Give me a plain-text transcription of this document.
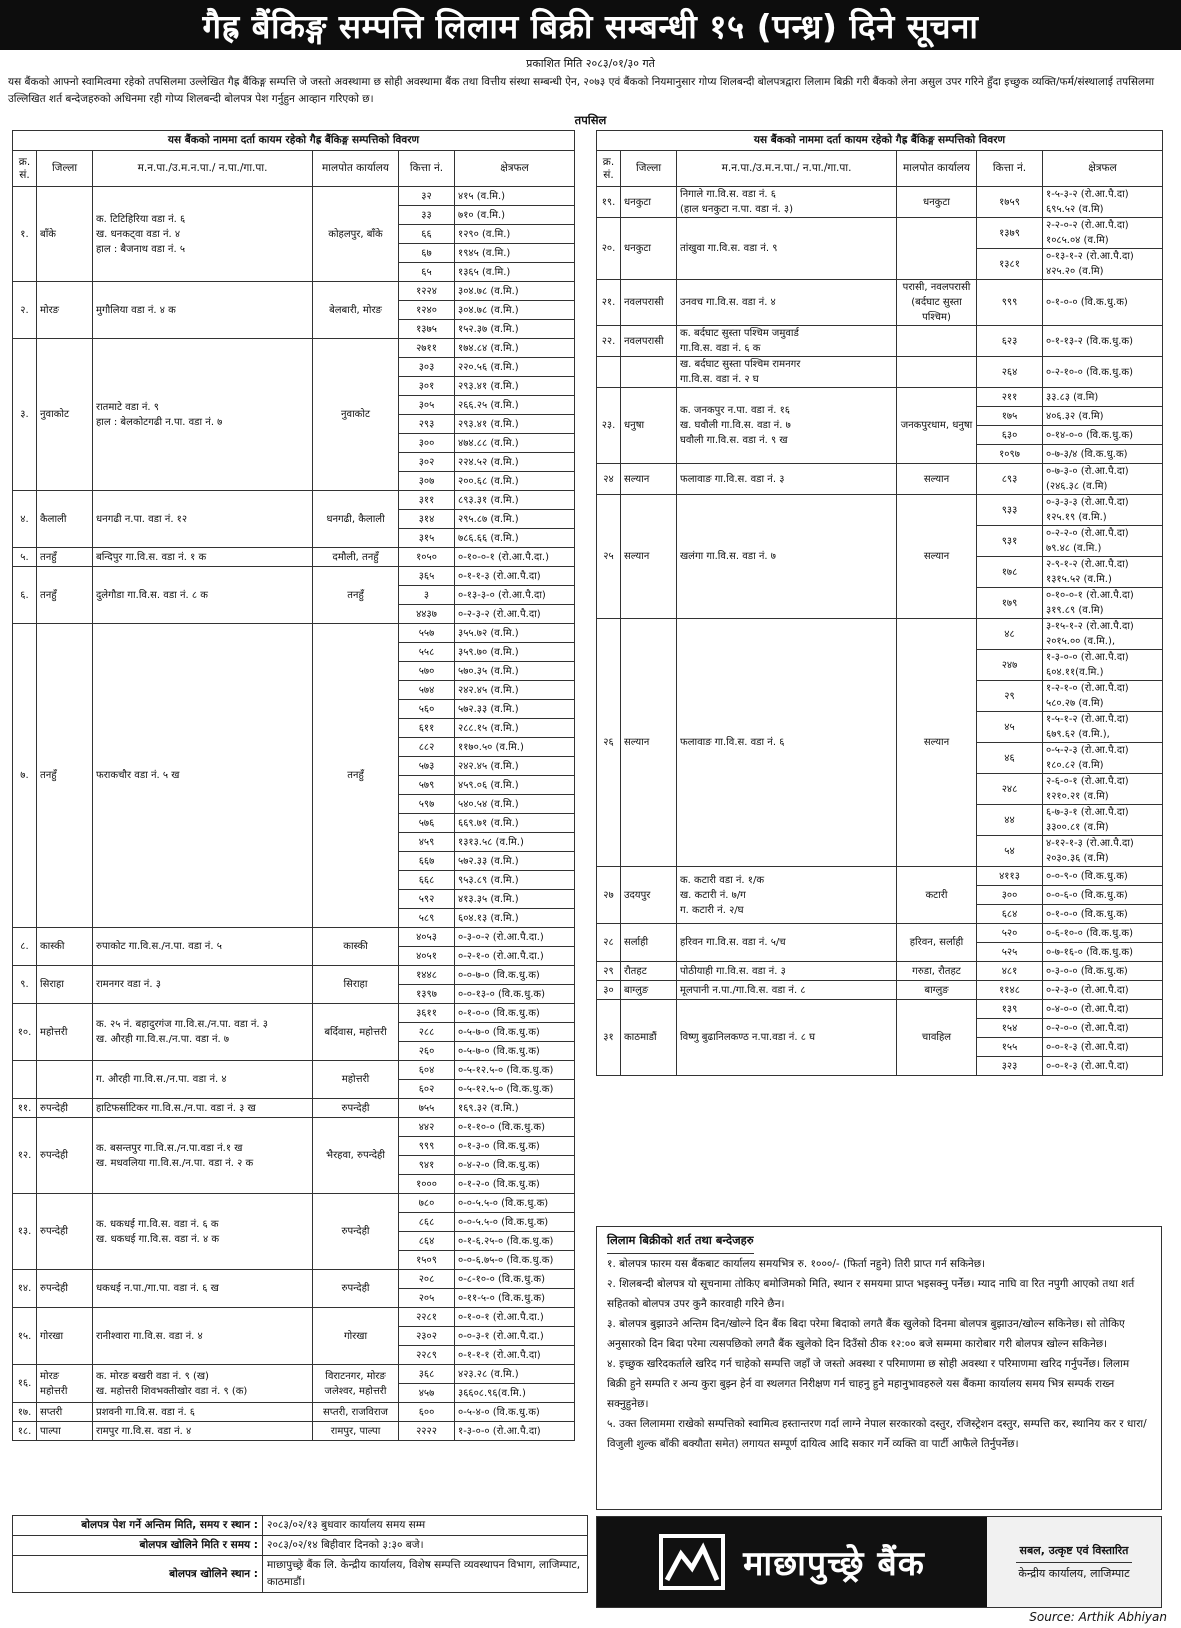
गैह्र बैंकिङ्ग सम्पत्ति लिलाम बिक्री सम्बन्धी १५ (पन्ध्र) दिने सूचना
प्रकाशित मिति २०८३/०१/३० गते
यस बैंकको आफ्नो स्वामित्वमा रहेको तपसिलमा उल्लेखित गैह्र बैंकिङ्ग सम्पत्ति जे जस्तो अवस्थामा छ सोही अवस्थामा बैंक तथा वित्तीय संस्था सम्बन्धी ऐन, २०७३ एवं बैंकको नियमानुसार गोप्य शिलबन्दी बोलपत्रद्वारा लिलाम बिक्री गरी बैंकको लेना असुल उपर गरिने हुँदा इच्छुक व्यक्ति/फर्म/संस्थालाई तपसिलमा उल्लिखित शर्त बन्देजहरुको अधिनमा रही गोप्य शिलबन्दी बोलपत्र पेश गर्नुहुन आव्हान गरिएको छ।
तपसिल
यस बैंकको नाममा दर्ता कायम रहेको गैह्र बैंकिङ्ग सम्पत्तिको विवरण					
क्र. सं.	जिल्ला	म.न.पा./उ.म.न.पा./ न.पा./गा.पा.	मालपोत कार्यालय	कित्ता नं.	क्षेत्रफल
१.	बाँके	क. टिटिहिरिया वडा नं. ६
ख. धनकट्वा वडा नं. ४
हाल : बैजनाथ वडा नं. ५	कोहलपुर, बाँके	३२	४१५ (व.मि.)
				३३	७१० (व.मि.)
				६६	१२९० (व.मि.)
				६७	१९४५ (व.मि.)
				६५	१३६५ (व.मि.)
२.	मोरङ	मुगौलिया वडा नं. ४ क	बेलबारी, मोरङ	१२२४	३०४.७८ (व.मि.)
				१२४०	३०४.७८ (व.मि.)
				१३७५	१५२.३७ (व.मि.)
३.	नुवाकोट	रातमाटे वडा नं. ९
हाल : बेलकोटगढी न.पा. वडा नं. ७	नुवाकोट	२७११	१७४.८४ (व.मि.)
				३०३	२२०.५६ (व.मि.)
				३०१	२९३.४१ (व.मि.)
				३०५	२६६.२५ (व.मि.)
				२९३	२९३.४१ (व.मि.)
				३००	४७४.८८ (व.मि.)
				३०२	२२४.५२ (व.मि.)
				३०७	२००.६८ (व.मि.)
४.	कैलाली	धनगढी न.पा. वडा नं. १२	धनगढी, कैलाली	३११	८९३.३१ (व.मि.)
				३१४	२९५.८७ (व.मि.)
				३१५	७८६.६६ (व.मि.)
५.	तनहुँ	बन्दिपुर गा.वि.स. वडा नं. १ क	दमौली, तनहुँ	१०५०	०-१०-०-१ (रो.आ.पै.दा.)
६.	तनहुँ	दुलेगौडा गा.वि.स. वडा नं. ८ क	तनहुँ	३६५	०-१-१-३ (रो.आ.पै.दा)
				३	०-१३-३-० (रो.आ.पै.दा)
				४४३७	०-२-३-२ (रो.आ.पै.दा)
७.	तनहुँ	फराकचौर वडा नं. ५ ख	तनहुँ	५५७	३५५.७२ (व.मि.)
				५५८	३५९.७० (व.मि.)
				५७०	५७०.३५ (व.मि.)
				५७४	२४२.४५ (व.मि.)
				५६०	५७२.३३ (व.मि.)
				६११	२८८.१५ (व.मि.)
				८८२	११७०.५० (व.मि.)
				५७३	२४२.४५ (व.मि.)
				५७९	४५९.०६ (व.मि.)
				५९७	५४०.५४ (व.मि.)
				५७६	६६९.७१ (व.मि.)
				४५९	१३१३.५८ (व.मि.)
				६६७	५७२.३३ (व.मि.)
				६६८	९५३.८९ (व.मि.)
				५९२	४१३.३५ (व.मि.)
				५८९	६०४.१३ (व.मि.)
८.	कास्की	रुपाकोट गा.वि.स./न.पा. वडा नं. ५	कास्की	४०५३	०-३-०-२ (रो.आ.पै.दा.)
				४०५१	०-२-१-० (रो.आ.पै.दा.)
९.	सिराहा	रामनगर वडा नं. ३	सिराहा	१४४८	०-०-७-० (वि.क.धु.क)
				१३९७	०-०-१३-० (वि.क.धु.क)
१०.	महोत्तरी	क. २५ नं. बहादुरगंज गा.वि.स./न.पा. वडा नं. ३
ख. औरही गा.वि.स./न.पा. वडा नं. ७	बर्दिवास, महोत्तरी	३६११	०-१-०-० (वि.क.धु.क)
				२८८	०-५-७-० (वि.क.धु.क)
				२६०	०-५-७-० (वि.क.धु.क)
		ग. औरही गा.वि.स./न.पा. वडा नं. ४	महोत्तरी	६०४	०-५-१२.५-० (वि.क.धु.क)
				६०२	०-५-१२.५-० (वि.क.धु.क)
११.	रुपन्देही	हाटिफर्साटिकर गा.वि.स./न.पा. वडा नं. ३ ख	रुपन्देही	७५५	१६९.३२ (व.मि.)
१२.	रुपन्देही	क. बसन्तपुर गा.वि.स./न.पा.वडा नं.१ ख
ख. मधवलिया गा.वि.स./न.पा. वडा नं. २ क	भैरहवा, रुपन्देही	४४२	०-१-१०-० (वि.क.धु.क)
				९९९	०-१-३-० (वि.क.धु.क)
				९४१	०-४-२-० (वि.क.धु.क)
				१०००	०-१-२-० (वि.क.धु.क)
१३.	रुपन्देही	क. धकधई गा.वि.स. वडा नं. ६ क
ख. धकधई गा.वि.स. वडा नं. ४ क	रुपन्देही	७८०	०-०-५.५-० (वि.क.धु.क)
				८६८	०-०-५.५-० (वि.क.धु.क)
				८६४	०-१-६.२५-० (वि.क.धु.क)
				१५०९	०-०-६.७५-० (वि.क.धु.क)
१४.	रुपन्देही	धकधई न.पा./गा.पा. वडा नं. ६ ख	रुपन्देही	२०८	०-८-१०-० (वि.क.धु.क)
				२०५	०-११-५-० (वि.क.धु.क)
१५.	गोरखा	रानीश्वारा गा.वि.स. वडा नं. ४	गोरखा	२२८१	०-१-०-१ (रो.आ.पै.दा.)
				२३०२	०-०-३-१ (रो.आ.पै.दा.)
				२२८९	०-१-१-१ (रो.आ.पै.दा)
१६.	मोरङ
महोत्तरी	क. मोरङ बखरी वडा नं. ९ (ख)
ख. महोत्तरी शिवभक्तीखोर वडा नं. ९ (क)	विराटनगर, मोरङ
जलेश्वर, महोत्तरी	३६८	४२३.२८ (व.मि.)
				४५७	३६६०८.९६(व.मि.)
१७.	सप्तरी	प्रशवनी गा.वि.स. वडा नं. ६	सप्तरी, राजविराज	६००	०-५-४-० (वि.क.धु.क)
१८.	पाल्पा	रामपुर गा.वि.स. वडा नं. ४	रामपुर, पाल्पा	२२२२	१-३-०-० (रो.आ.पै.दा)
यस बैंकको नाममा दर्ता कायम रहेको गैह्र बैंकिङ्ग सम्पत्तिको विवरण					
क्र. सं.	जिल्ला	म.न.पा./उ.म.न.पा./ न.पा./गा.पा.	मालपोत कार्यालय	कित्ता नं.	क्षेत्रफल
१९.	धनकुटा	निगाले गा.वि.स. वडा नं. ६
(हाल धनकुटा न.पा. वडा नं. ३)	धनकुटा	१७५९	१-५-३-२ (रो.आ.पै.दा)
६९५.५२ (व.मि)
२०.	धनकुटा	तांखुवा गा.वि.स. वडा नं. ९		१३७९	२-२-०-२ (रो.आ.पै.दा)
१०८५.०४ (व.मि)
				१३८१	०-१३-१-२ (रो.आ.पै.दा)
४२५.२० (व.मि)
२१.	नवलपरासी	उनवच गा.वि.स. वडा नं. ४	परासी, नवलपरासी (बर्दघाट सुस्ता पश्चिम)	९९९	०-१-०-० (वि.क.धु.क)
२२.	नवलपरासी	क. बर्दघाट सुस्ता पश्चिम जमुवार्ड
गा.वि.स. वडा नं. ६ क		६२३	०-१-१३-२ (वि.क.धु.क)
		ख. बर्दघाट सुस्ता पश्चिम रामनगर
गा.वि.स. वडा नं. २ घ		२६४	०-२-१०-० (वि.क.धु.क)
२३.	धनुषा	क. जनकपुर न.पा. वडा नं. १६
ख. घवौली गा.वि.स. वडा नं. ७
घवौली गा.वि.स. वडा नं. ९ ख	जनकपुरधाम, धनुषा	२११	३३.८३ (व.मि)
				१७५	४०६.३२ (व.मि)
				६३०	०-१४-०-० (वि.क.धु.क)
				१०९७	०-७-३/४ (वि.क.धु.क)
२४	सल्यान	फलावाङ गा.वि.स. वडा नं. ३	सल्यान	८९३	०-७-३-० (रो.आ.पै.दा)
(२४६.३८ (व.मि)
२५	सल्यान	खलंगा गा.वि.स. वडा नं. ७	सल्यान	९३३	०-३-३-३ (रो.आ.पै.दा)
१२५.१९ (व.मि.)
				९३१	०-२-२-० (रो.आ.पै.दा)
७९.४८ (व.मि.)
				१७८	२-९-१-२ (रो.आ.पै.दा)
१३१५.५२ (व.मि.)
				१७९	०-१०-०-१ (रो.आ.पै.दा)
३१९.८९ (व.मि)
२६	सल्यान	फलावाङ गा.वि.स. वडा नं. ६	सल्यान	४८	३-१५-१-२ (रो.आ.पै.दा)
२०१५.०० (व.मि.),
				२४७	१-३-०-० (रो.आ.पै.दा)
६०४.११(व.मि.)
				२९	१-२-१-० (रो.आ.पै.दा)
५८०.२७ (व.मि)
				४५	१-५-१-२ (रो.आ.पै.दा)
६७९.६२ (व.मि.),
				४६	०-५-२-३ (रो.आ.पै.दा)
१८०.८२ (व.मि)
				२४८	२-६-०-१ (रो.आ.पै.दा)
१२१०.२१ (व.मि)
				४४	६-७-३-१ (रो.आ.पै.दा)
३३००.८१ (व.मि)
				५४	४-१२-१-३ (रो.आ.पै.दा)
२०३०.३६ (व.मि)
२७	उदयपुर	क. कटारी वडा नं. १/क
ख. कटारी नं. ७/ग
ग. कटारी नं. २/घ	कटारी	४११३	०-०-९-० (वि.क.धु.क)
				३००	०-०-६-० (वि.क.धु.क)
				६८४	०-१-०-० (वि.क.धु.क)
२८	सर्लाही	हरिवन गा.वि.स. वडा नं. ५/च	हरिवन, सर्लाही	५२०	०-६-१०-० (वि.क.धु.क)
				५२५	०-७-१६-० (वि.क.धु.क)
२९	रौतहट	पोठीयाही गा.वि.स. वडा नं. ३	गरुडा, रौतहट	४८१	०-३-०-० (वि.क.धु.क)
३०	बाग्लुङ	मूलपानी न.पा./गा.वि.स. वडा नं. ८	बाग्लुङ	११४८	०-२-३-० (रो.आ.पै.दा)
३१	काठमाडौं	विष्णु बुढानिलकण्ठ न.पा.वडा नं. ८ घ	चावहिल	१३९	०-४-०-० (रो.आ.पै.दा)
				१५४	०-२-०-० (रो.आ.पै.दा)
				१५५	०-०-१-३ (रो.आ.पै.दा)
				३२३	०-०-१-३ (रो.आ.पै.दा)
लिलाम बिक्रीको शर्त तथा बन्देजहरु

१. बोलपत्र फारम यस बैंकबाट कार्यालय समयभित्र रु. १०००/- (फिर्ता नहुने) तिरी प्राप्त गर्न सकिनेछ।

२. शिलबन्दी बोलपत्र यो सूचनामा तोकिए बमोजिमको मिति, स्थान र समयमा प्राप्त भइसक्नु पर्नेछ। म्याद नाघि वा रित नपुगी आएको तथा शर्त सहितको बोलपत्र उपर कुनै कारवाही गरिने छैन।

३. बोलपत्र बुझाउने अन्तिम दिन/खोल्ने दिन बैंक बिदा परेमा बिदाको लगतै बैंक खुलेको दिनमा बोलपत्र बुझाउन/खोल्न सकिनेछ। सो तोकिए अनुसारको दिन बिदा परेमा त्यसपछिको लगतै बैंक खुलेको दिन दिउँसो ठीक १२:०० बजे सम्ममा कारोबार गरी बोलपत्र खोल्न सकिनेछ।

४. इच्छुक खरिदकर्ताले खरिद गर्न चाहेको सम्पत्ति जहाँ जे जस्तो अवस्था र परिमाणमा छ सोही अवस्था र परिमाणमा खरिद गर्नुपर्नेछ। लिलाम बिक्री हुने सम्पति र अन्य कुरा बुझ्न हेर्न वा स्थलगत निरीक्षण गर्न चाहनु हुने महानुभावहरुले यस बैंकमा कार्यालय समय भित्र सम्पर्क राख्न सक्नुहुनेछ।

५. उक्त लिलाममा राखेको सम्पत्तिको स्वामित्व हस्तान्तरण गर्दा लाग्ने नेपाल सरकारको दस्तुर, रजिस्ट्रेशन दस्तुर, सम्पत्ति कर, स्थानिय कर र धारा/विजुली शुल्क बाँकी बक्यौता समेत) लगायत सम्पूर्ण दायित्व आदि सकार गर्ने व्यक्ति वा पार्टी आफैले तिर्नुपर्नेछ।

बोलपत्र पेश गर्ने अन्तिम मिति, समय र स्थान :	२०८३/०२/१३ बुधवार कार्यालय समय सम्म
बोलपत्र खोलिने मिति र समय :	२०८३/०२/१४ बिहीवार दिनको ३:३० बजे।
बोलपत्र खोलिने स्थान :	माछापुच्छ्रे बैंक लि. केन्द्रीय कार्यालय, विशेष सम्पत्ति व्यवस्थापन विभाग, लाजिम्पाट, काठमाडौं।	माछापुच्छ्रे बैंक	सबल, उत्कृष्ट एवं विस्तारित
केन्द्रीय कार्यालय, लाजिम्पाट
Source: Arthik Abhiyan
